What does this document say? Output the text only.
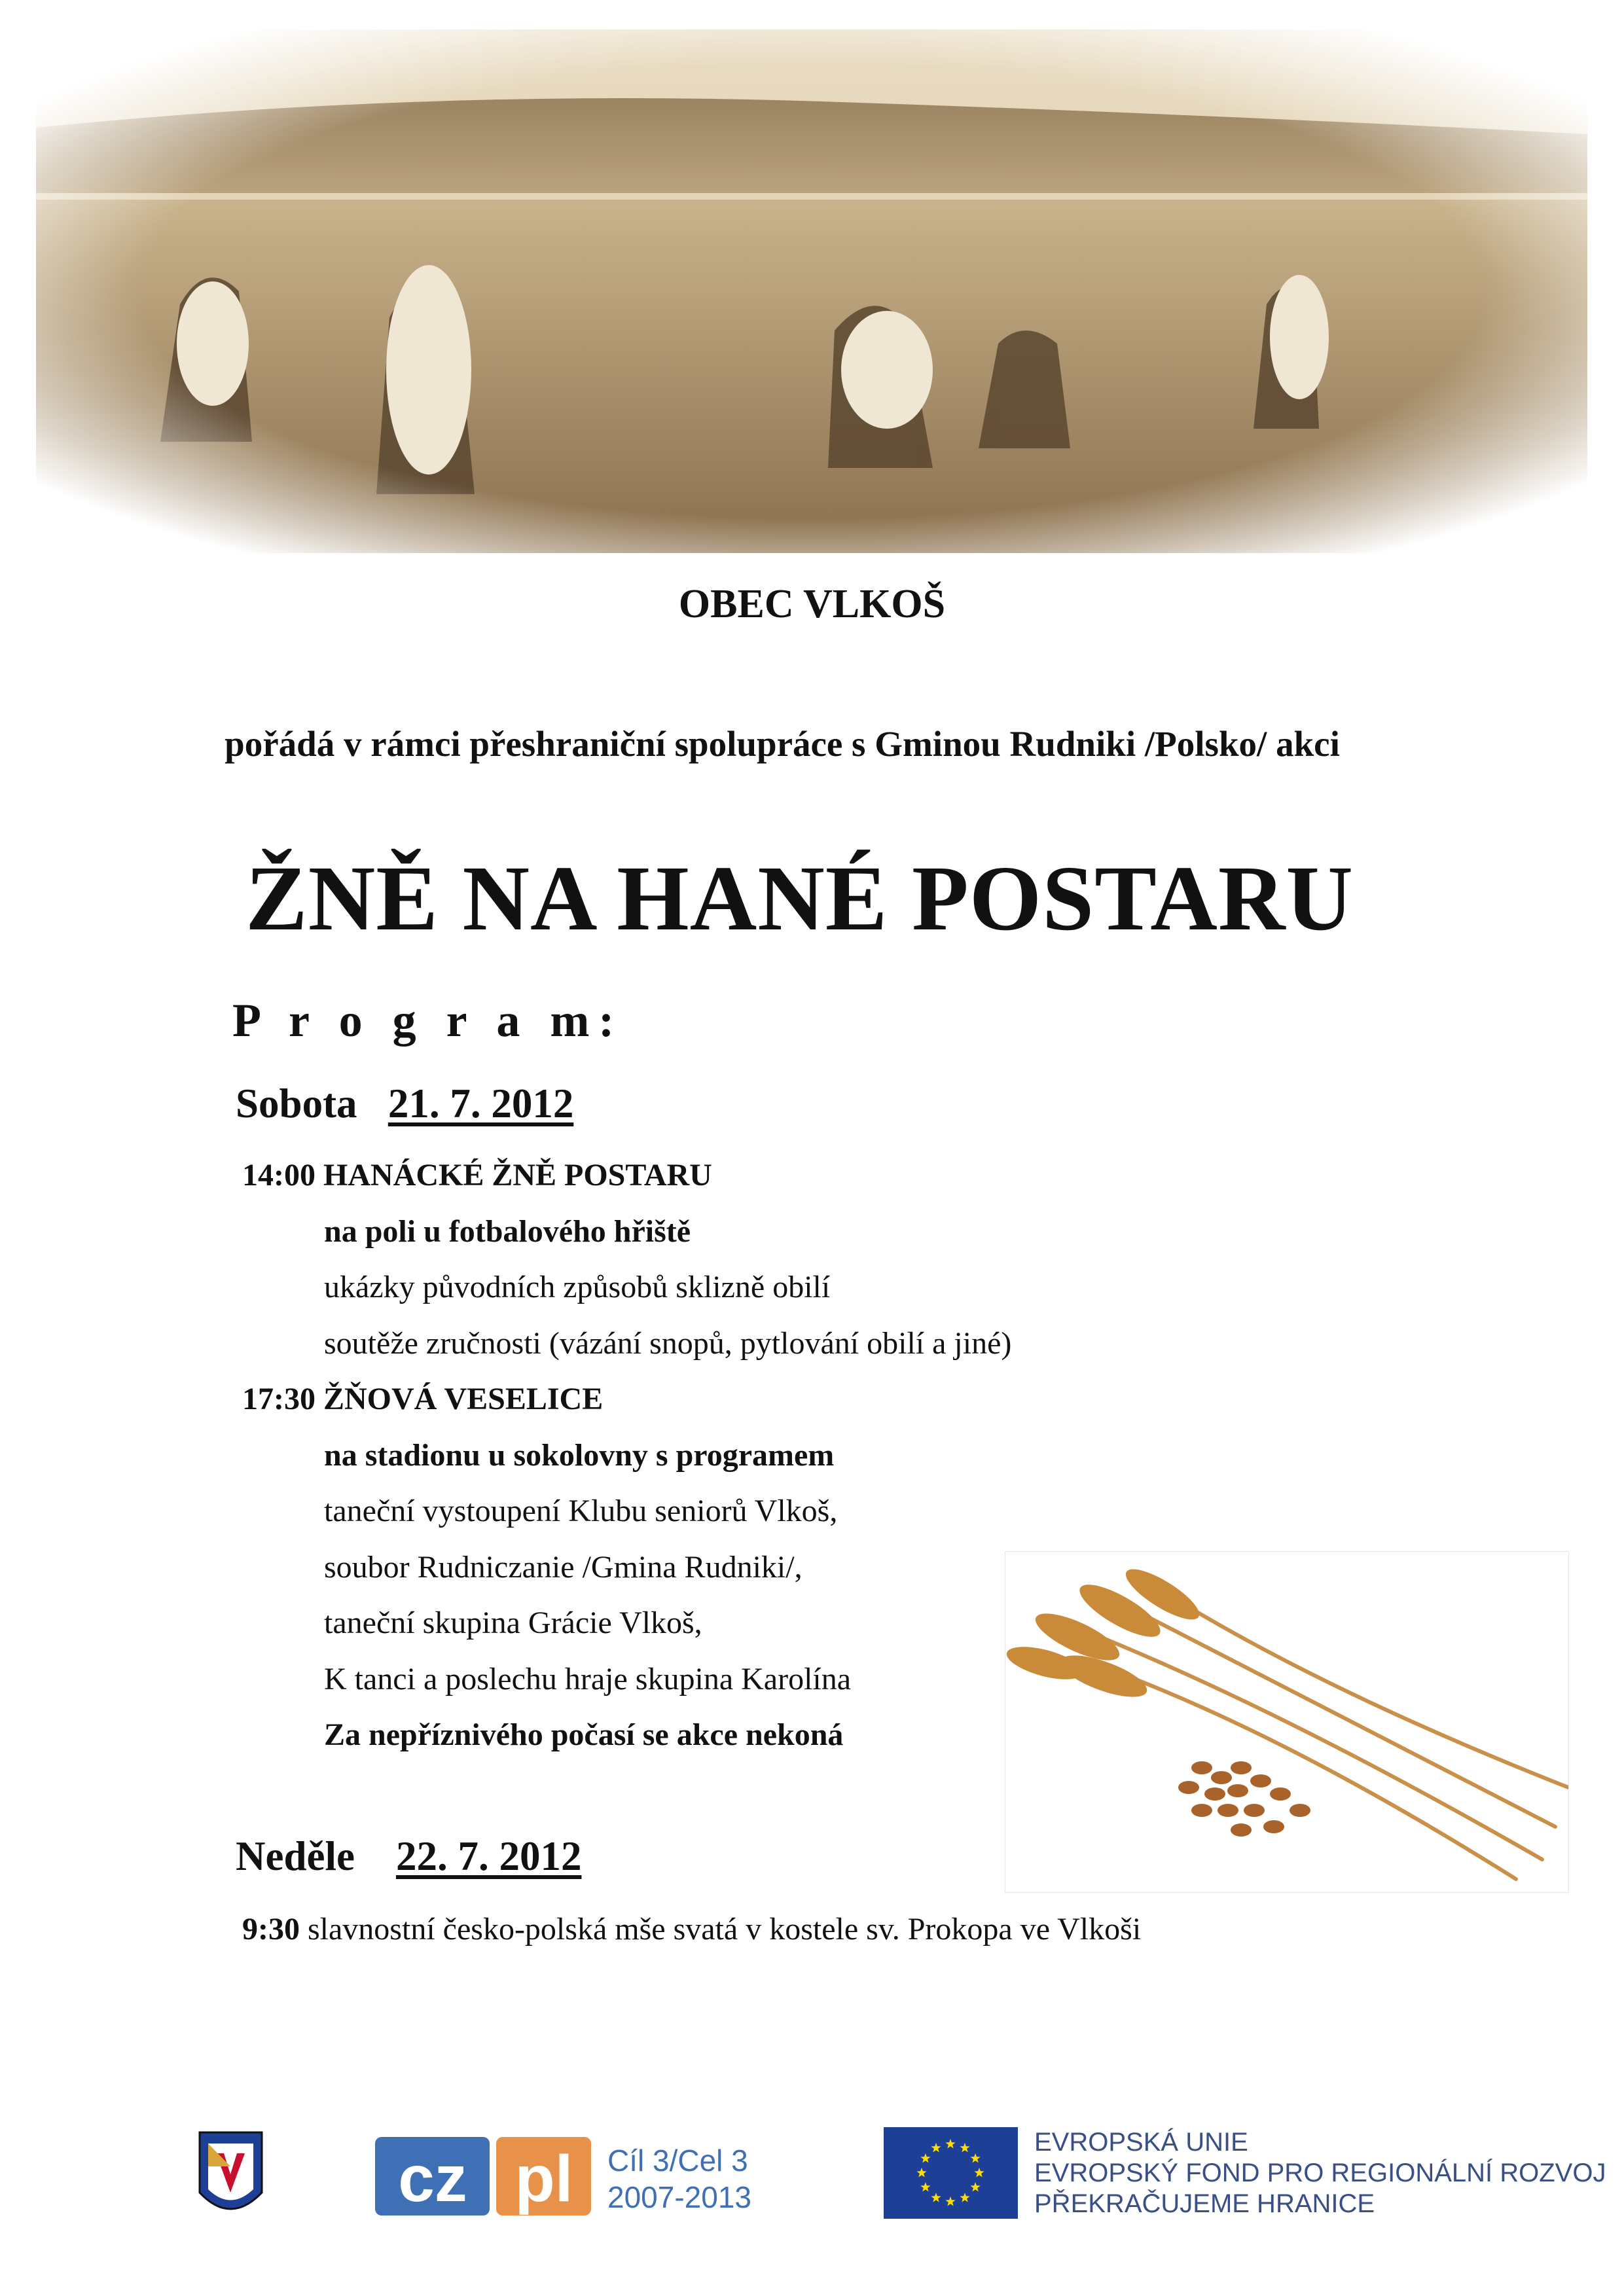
OBEC VLKOŠ
pořádá v rámci přeshraniční spolupráce s Gminou Rudniki /Polsko/ akci
ŽNĚ NA HANÉ POSTARU
P r o g r a m:
Sobota 21. 7. 2012
14:00 HANÁCKÉ ŽNĚ POSTARU
na poli u fotbalového hřiště
ukázky původních způsobů sklizně obilí
soutěže zručnosti (vázání snopů, pytlování obilí a jiné)
17:30 ŽŇOVÁ VESELICE
na stadionu u sokolovny s programem
taneční vystoupení Klubu seniorů Vlkoš,
soubor Rudniczanie /Gmina Rudniki/,
taneční skupina Grácie Vlkoš,
K tanci a poslechu hraje skupina Karolína
Za nepříznivého počasí se akce nekoná
Neděle 22. 7. 2012
9:30 slavnostní česko-polská mše svatá v kostele sv. Prokopa ve Vlkoši
cz pl Cíl 3/Cel 3
2007-2013
EVROPSKÁ UNIE
EVROPSKÝ FOND PRO REGIONÁLNÍ ROZVOJ
PŘEKRAČUJEME HRANICE
